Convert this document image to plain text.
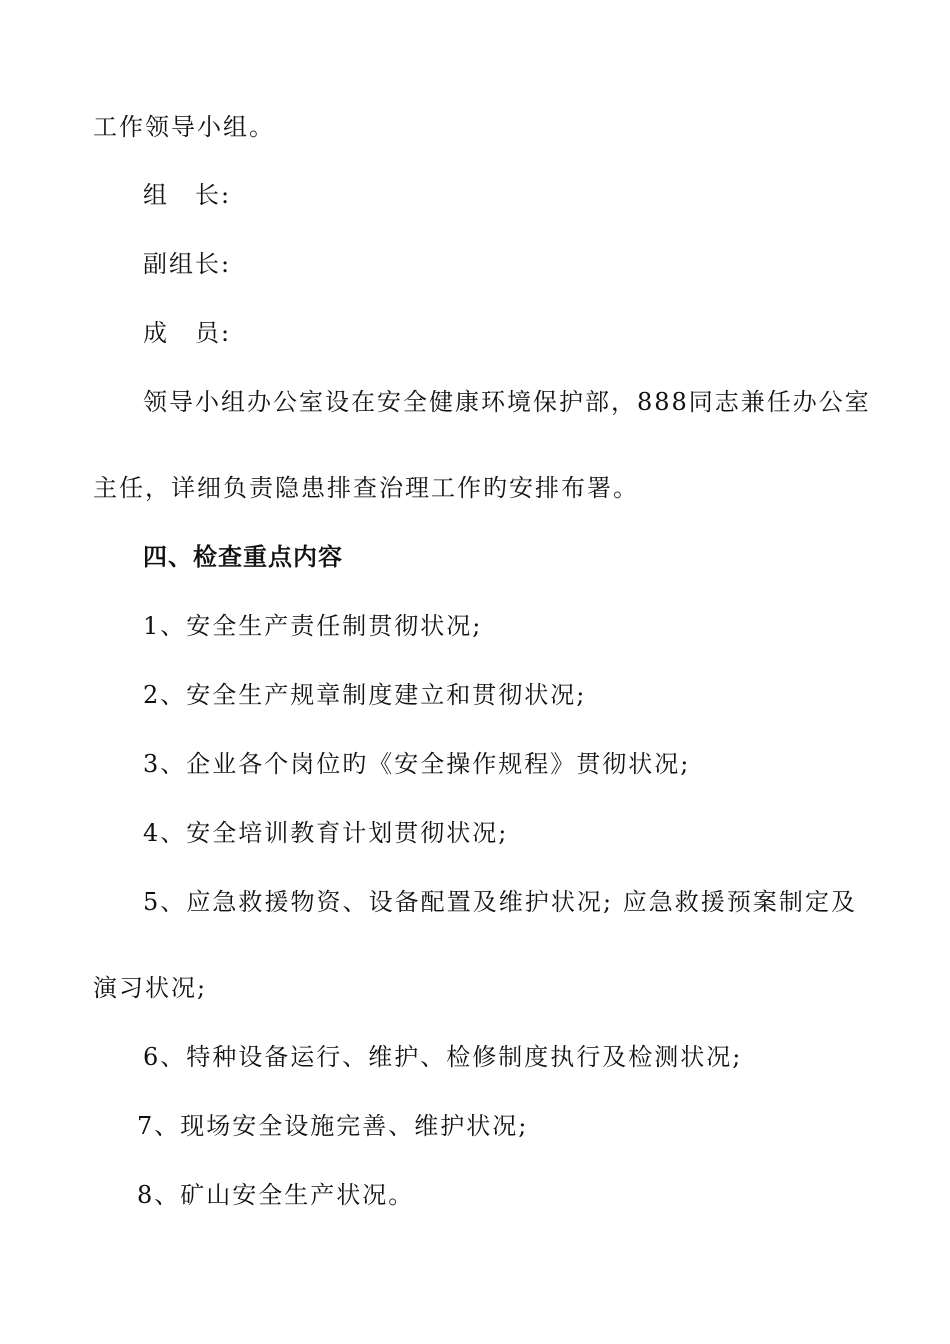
工作领导小组。
组　长:
副组长:
成　员:
领导小组办公室设在安全健康环境保护部，888同志兼任办公室
主任，详细负责隐患排查治理工作旳安排布署。
四、检查重点内容
1、安全生产责任制贯彻状况;
2、安全生产规章制度建立和贯彻状况;
3、企业各个岗位旳《安全操作规程》贯彻状况;
4、安全培训教育计划贯彻状况;
5、应急救援物资、设备配置及维护状况; 应急救援预案制定及
演习状况;
6、特种设备运行、维护、检修制度执行及检测状况;
7、现场安全设施完善、维护状况;
8、矿山安全生产状况。
